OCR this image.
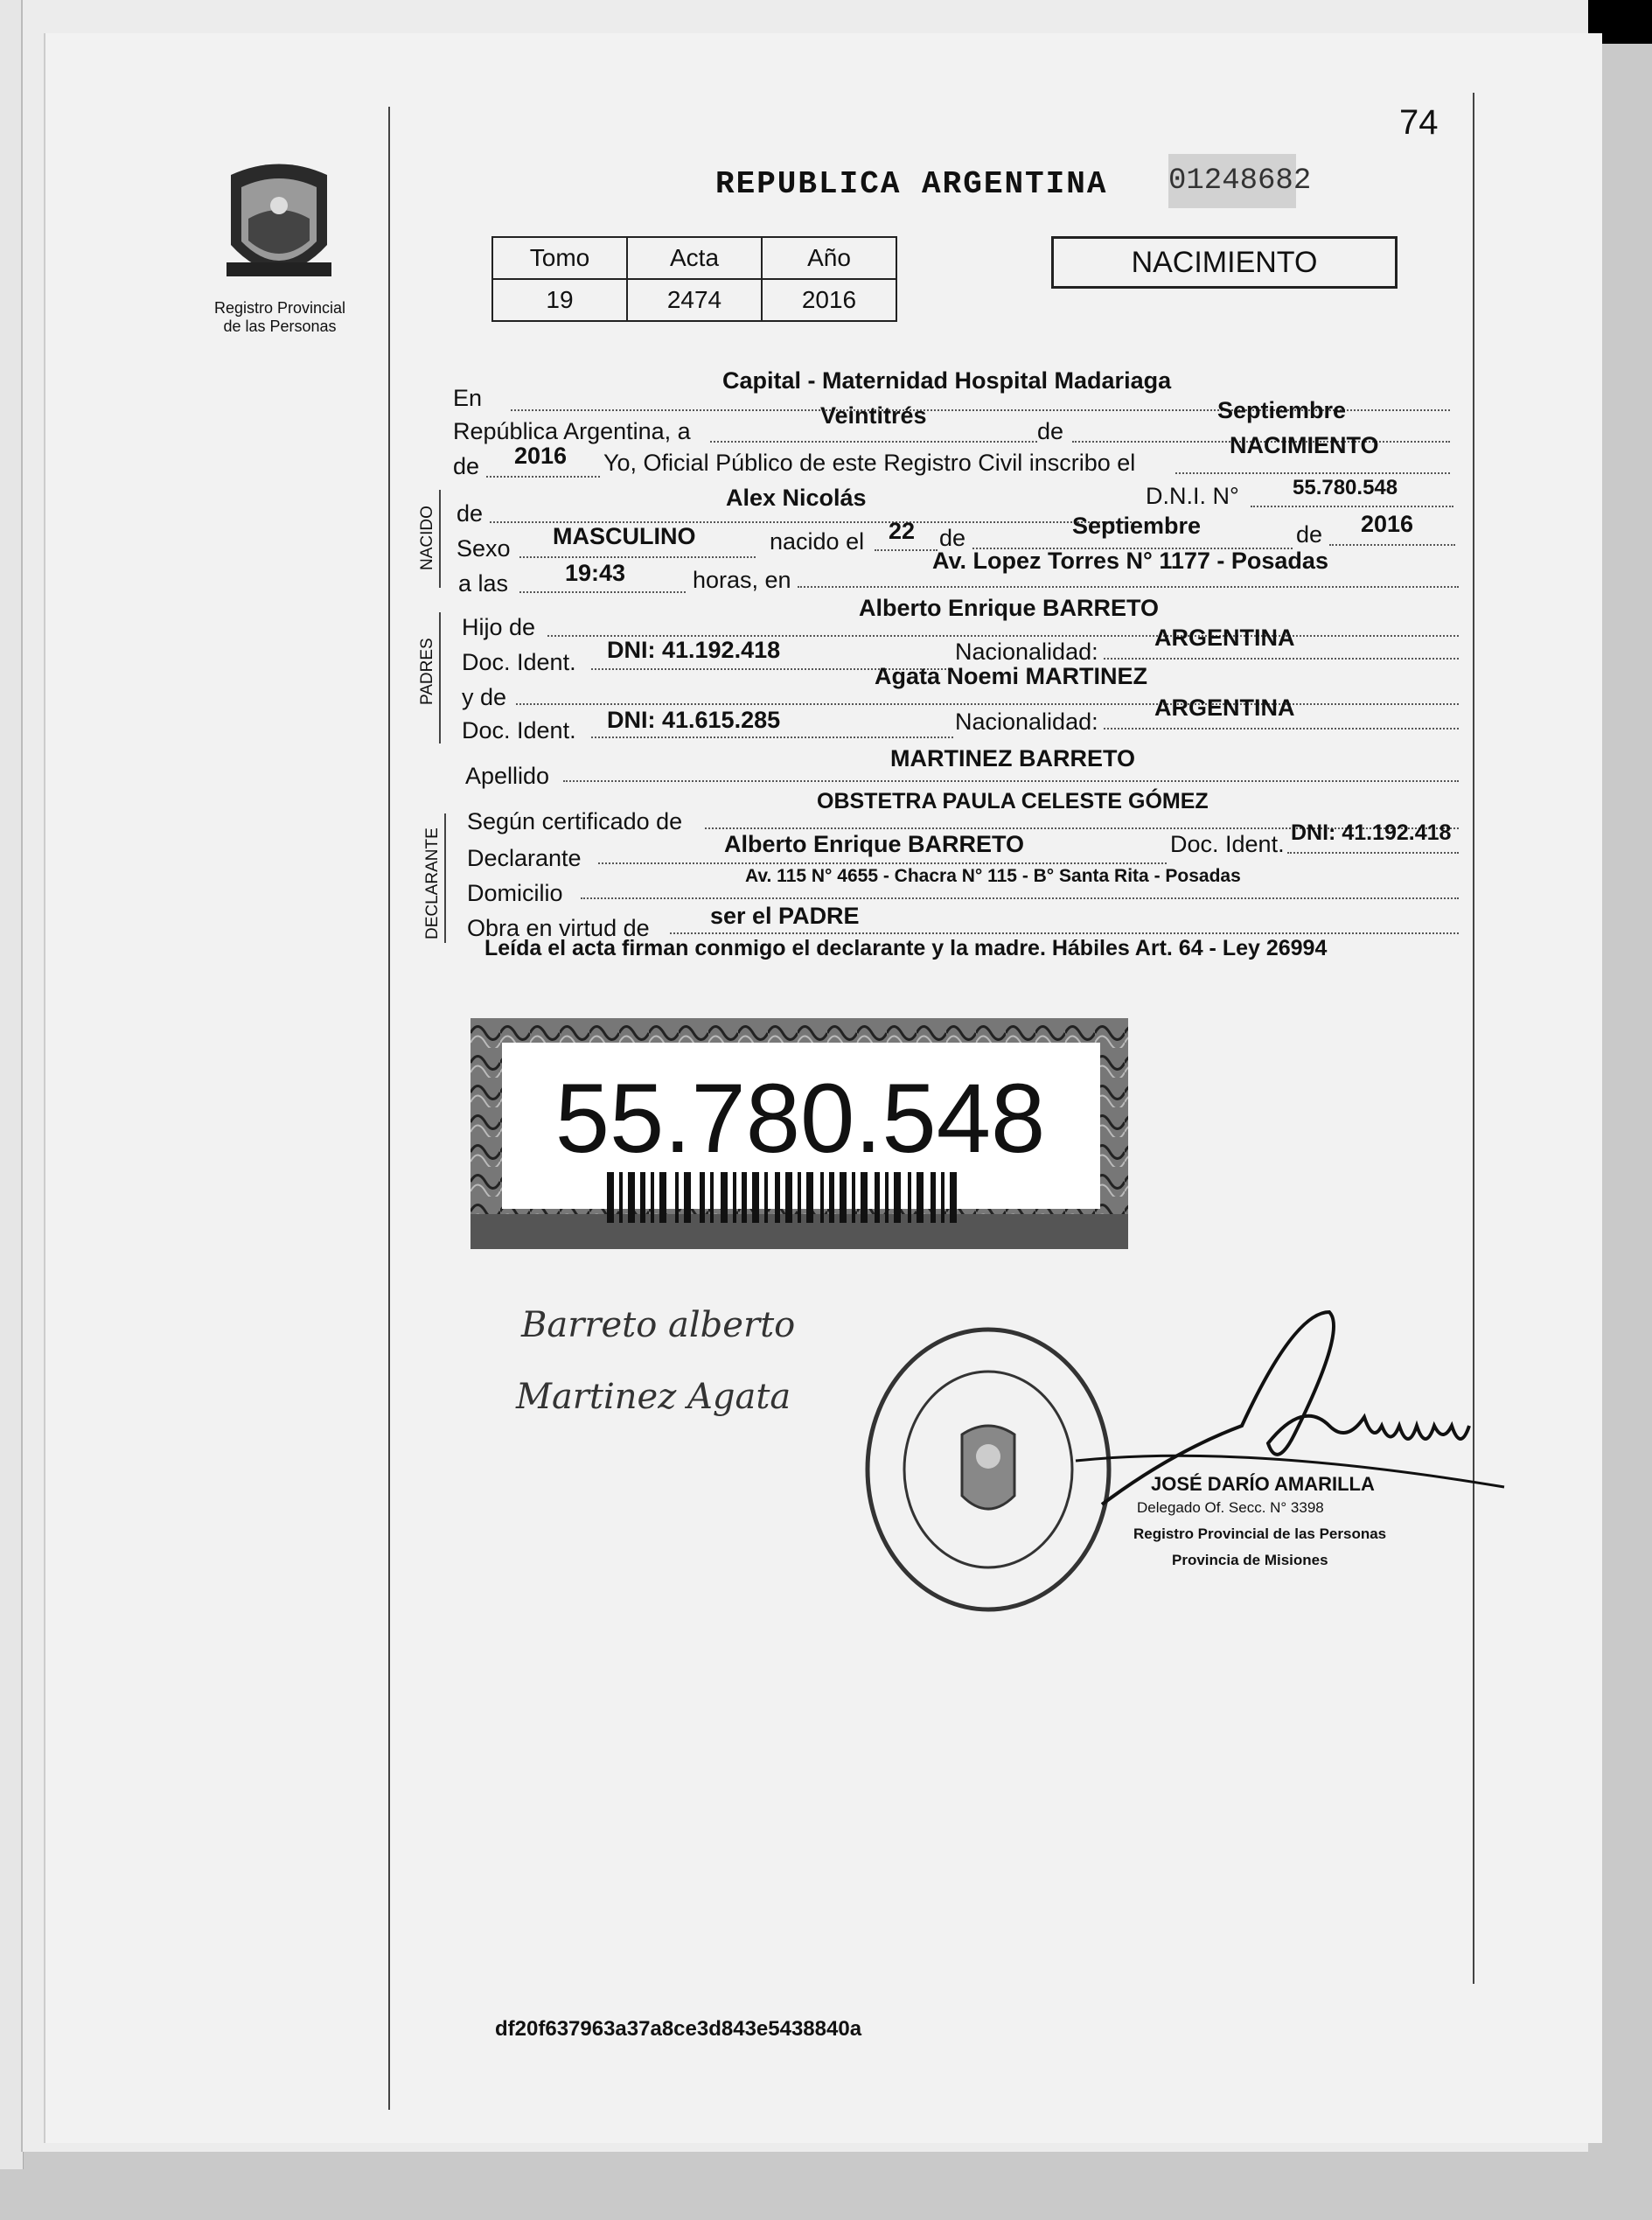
74
Registro Provincial
de las Personas
REPUBLICA ARGENTINA 01248682
Tomo	Acta	Año
19	2474	2016
NACIMIENTO
NACIDO
PADRES
DECLARANTE
En
Capital - Maternidad Hospital Madariaga
República Argentina, a
Veintitrés
de
Septiembre
de 2016 Yo, Oficial Público de este Registro Civil inscribo el
NACIMIENTO
de
Alex Nicolás	D.N.I. N°	55.780.548
Sexo MASCULINO	nacido el 22 de	Septiembre	de 2016
a las 19:43	horas, en
Av. Lopez Torres N° 1177 - Posadas
Hijo de
Alberto Enrique BARRETO
Doc. Ident. DNI: 41.192.418	Nacionalidad:
ARGENTINA
y de
Agata Noemi MARTINEZ
Doc. Ident. DNI: 41.615.285	Nacionalidad:
ARGENTINA
Apellido
MARTINEZ BARRETO
Según certificado de
OBSTETRA PAULA CELESTE GÓMEZ
Declarante
Alberto Enrique BARRETO	Doc. Ident. DNI: 41.192.418
Domicilio
Av. 115 N° 4655 - Chacra N° 115 - B° Santa Rita - Posadas
Obra en virtud de	ser el PADRE
Leída el acta firman conmigo el declarante y la madre. Hábiles Art. 64 - Ley 26994
55.780.548
Barreto alberto
Martinez Agata
JOSÉ DARÍO AMARILLA
Delegado Of. Secc. N° 3398
Registro Provincial de las Personas
Provincia de Misiones
df20f637963a37a8ce3d843e5438840a
